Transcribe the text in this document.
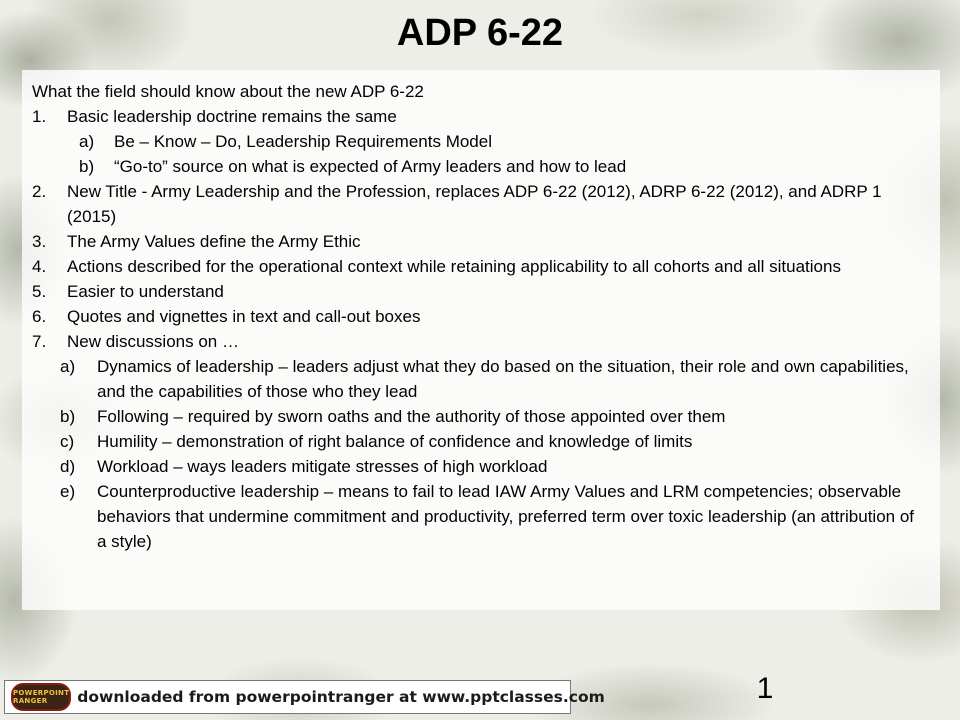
ADP 6-22

What the field should know about the new ADP 6-22

1.	Basic leadership doctrine remains the same
a)	Be – Know – Do, Leadership Requirements Model
b)	“Go-to” source on what is expected of Army leaders and how to lead
2.	New Title - Army Leadership and the Profession, replaces ADP 6-22 (2012), ADRP 6-22 (2012), and ADRP 1 (2015)
3.	The Army Values define the Army Ethic
4.	Actions described for the operational context while retaining applicability to all cohorts and all situations
5.	Easier to understand
6.	Quotes and vignettes in text and call-out boxes
7.	New discussions on …
a)	Dynamics of leadership – leaders adjust what they do based on the situation, their role and own capabilities, and the capabilities of those who they lead
b)	Following – required by sworn oaths and the authority of those appointed over them
c)	Humility – demonstration of right balance of confidence and knowledge of limits
d)	Workload – ways leaders mitigate stresses of high workload
e)	Counterproductive leadership – means to fail to lead IAW Army Values and LRM competencies; observable behaviors that undermine commitment and productivity, preferred term over toxic leadership (an attribution of a style)
POWERPOINT RANGER	downloaded from powerpointranger at www.pptclasses.com	1
